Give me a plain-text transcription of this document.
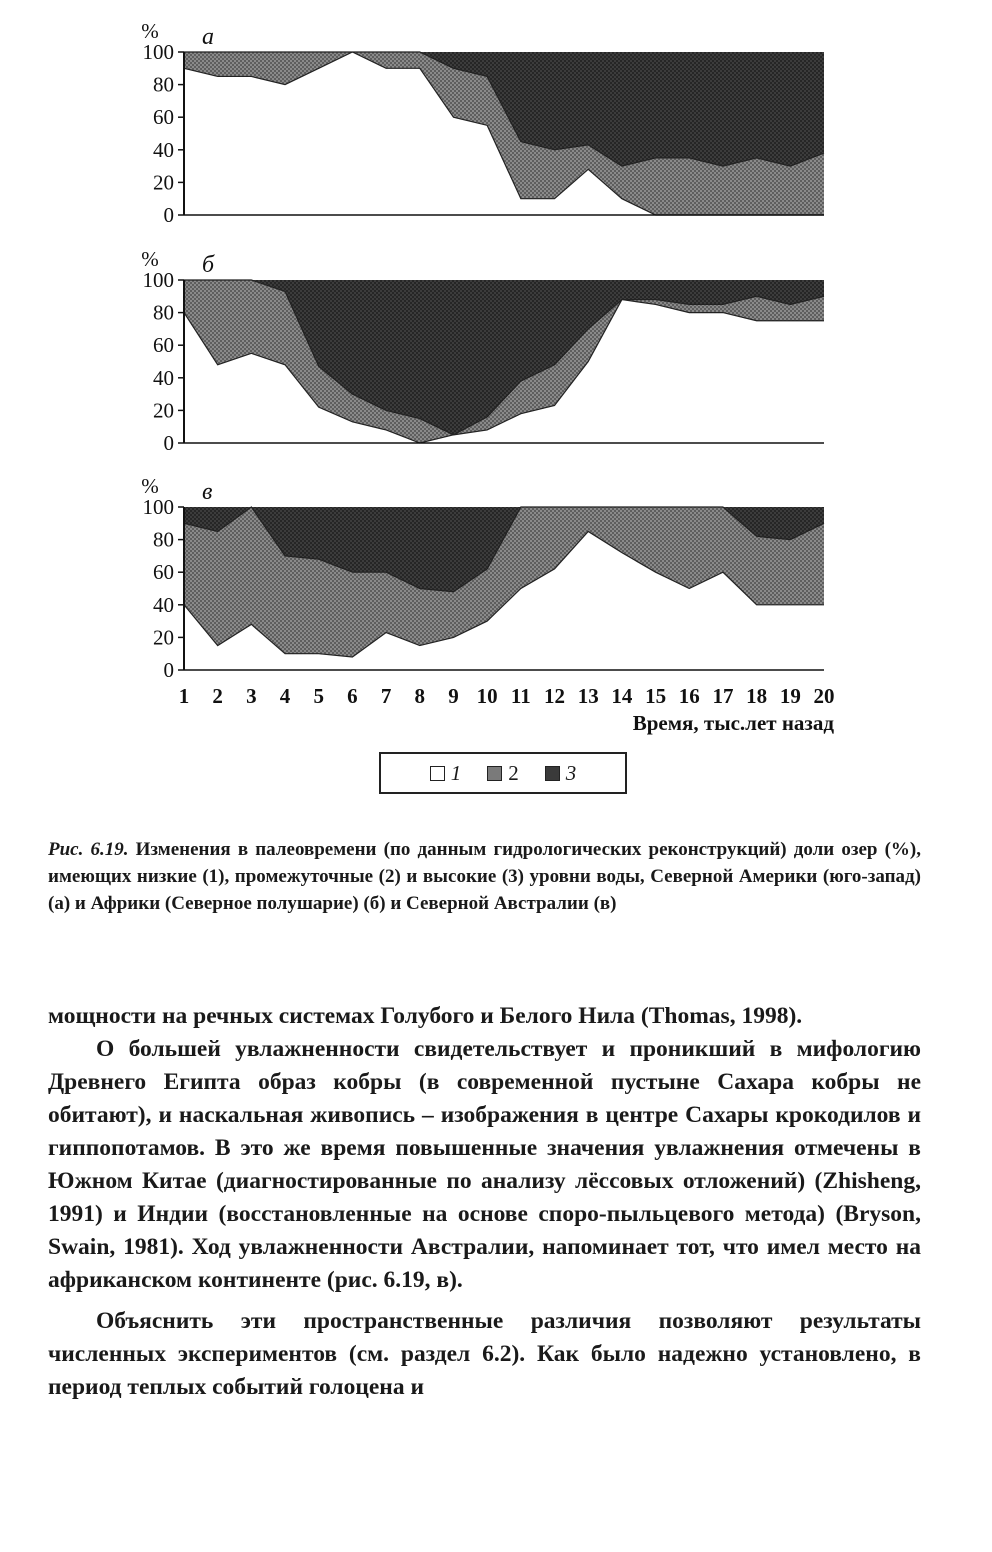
0
20
40
60
80
100
% а
0
20
40
60
80
100
% б
0
20
40
60
80
100
% в
1 2 3 4 5 6 7 8 9 10 11 12 13 14 15 16 17 18 19 20
Время, тыс.лет назад
1 2 3

Рис. 6.19. Изменения в палеовремени (по данным гидрологических реконструкций) доли озер (%), имеющих низкие (1), промежуточные (2) и высокие (3) уровни воды, Северной Америки (юго-запад) (а) и Африки (Северное полушарие) (б) и Северной Австралии (в)

мощности на речных системах Голубого и Белого Нила (Thomas, 1998).

О большей увлажненности свидетельствует и проникший в мифологию Древнего Египта образ кобры (в современной пустыне Сахара кобры не обитают), и наскальная живопись – изображения в центре Сахары крокодилов и гиппопотамов. В это же время повышенные значения увлажнения отмечены в Южном Китае (диагностированные по анализу лёссовых отложений) (Zhisheng, 1991) и Индии (восстановленные на основе споро-пыльцевого метода) (Bryson, Swain, 1981). Ход увлажненности Австралии, напоминает тот, что имел место на африканском континенте (рис. 6.19, в).

Объяснить эти пространственные различия позволяют результаты численных экспериментов (см. раздел 6.2). Как было надежно установлено, в период теплых событий голоцена и
